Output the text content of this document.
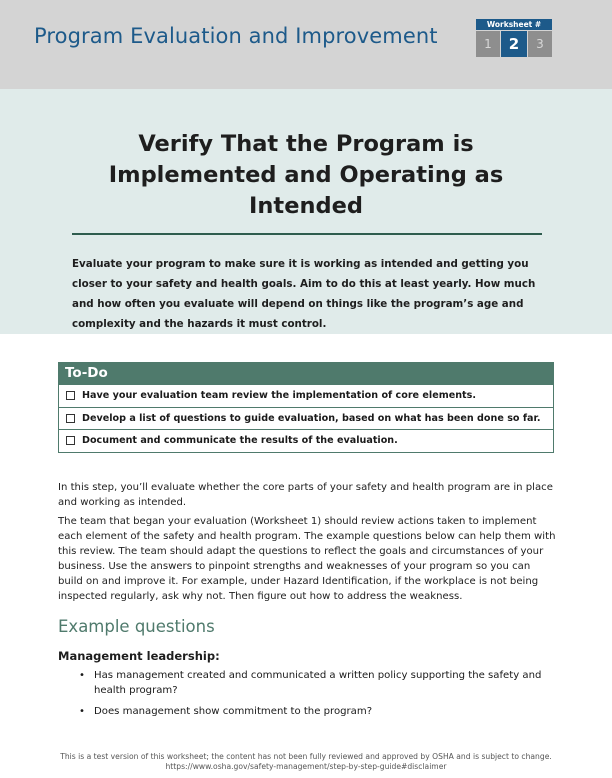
Program Evaluation and Improvement	Worksheet #
1	2	3
Verify That the Program is Implemented and Operating as Intended
Evaluate your program to make sure it is working as intended and getting you closer to your safety and health goals. Aim to do this at least yearly. How much and how often you evaluate will depend on things like the program’s age and complexity and the hazards it must control.
To-Do
Have your evaluation team review the implementation of core elements.
Develop a list of questions to guide evaluation, based on what has been done so far.
Document and communicate the results of the evaluation.

In this step, you’ll evaluate whether the core parts of your safety and health program are in place and working as intended.

The team that began your evaluation (Worksheet 1) should review actions taken to implement each element of the safety and health program. The example questions below can help them with this review. The team should adapt the questions to reflect the goals and circumstances of your business. Use the answers to pinpoint strengths and weaknesses of your program so you can build on and improve it. For example, under Hazard Identification, if the workplace is not being inspected regularly, ask why not. Then figure out how to address the weakness.

Example questions
Management leadership:
• Has management created and communicated a written policy supporting the safety and health program?
• Does management show commitment to the program?
This is a test version of this worksheet; the content has not been fully reviewed and approved by OSHA and is subject to change.
https://www.osha.gov/safety-management/step-by-step-guide#disclaimer
